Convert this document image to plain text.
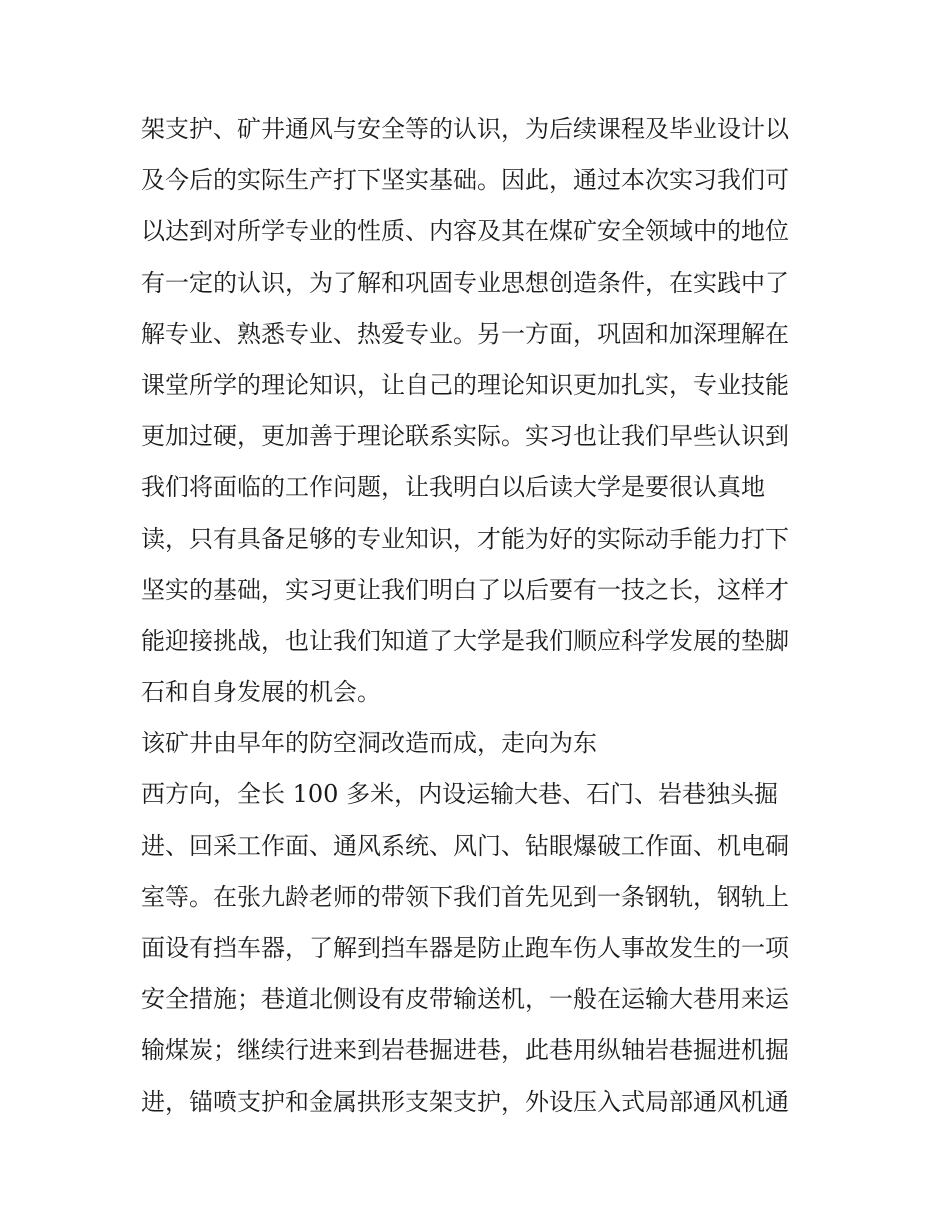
架支护、矿井通风与安全等的认识，为后续课程及毕业设计以
及今后的实际生产打下坚实基础。因此，通过本次实习我们可
以达到对所学专业的性质、内容及其在煤矿安全领域中的地位
有一定的认识，为了解和巩固专业思想创造条件，在实践中了
解专业、熟悉专业、热爱专业。另一方面，巩固和加深理解在
课堂所学的理论知识，让自己的理论知识更加扎实，专业技能
更加过硬，更加善于理论联系实际。实习也让我们早些认识到
我们将面临的工作问题，让我明白以后读大学是要很认真地
读，只有具备足够的专业知识，才能为好的实际动手能力打下
坚实的基础，实习更让我们明白了以后要有一技之长，这样才
能迎接挑战，也让我们知道了大学是我们顺应科学发展的垫脚
石和自身发展的机会。
该矿井由早年的防空洞改造而成，走向为东
西方向，全长 100 多米，内设运输大巷、石门、岩巷独头掘
进、回采工作面、通风系统、风门、钻眼爆破工作面、机电硐
室等。在张九龄老师的带领下我们首先见到一条钢轨，钢轨上
面设有挡车器，了解到挡车器是防止跑车伤人事故发生的一项
安全措施；巷道北侧设有皮带输送机，一般在运输大巷用来运
输煤炭；继续行进来到岩巷掘进巷，此巷用纵轴岩巷掘进机掘
进，锚喷支护和金属拱形支架支护，外设压入式局部通风机通
